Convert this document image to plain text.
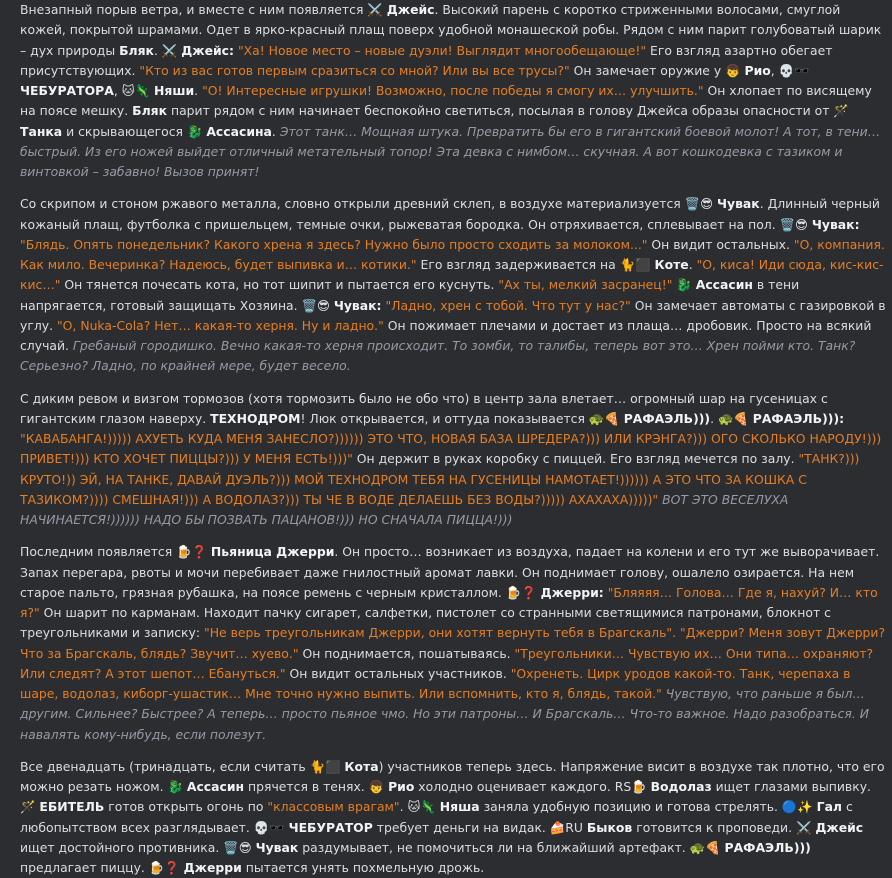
Внезапный порыв ветра, и вместе с ним появляется ⚔️ Джейс. Высокий парень с коротко стриженными волосами, смуглой кожей, покрытой шрамами. Одет в ярко-красный плащ поверх удобной монашеской робы. Рядом с ним парит голубоватый шарик – дух природы Бляк. ⚔️ Джейс: "Ха! Новое место – новые дуэли! Выглядит многообещающе!" Его взгляд азартно обегает присутствующих. "Кто из вас готов первым сразиться со мной? Или вы все трусы?" Он замечает оружие у 👦 Рио, 💀🕶️ ЧЕБУРАТОРА, 🐱🦎 Няши. "О! Интересные игрушки! Возможно, после победы я смогу их… улучшить." Он хлопает по висящему на поясе мешку. Бляк парит рядом с ним начинает беспокойно светиться, посылая в голову Джейса образы опасности от 🪄 Танка и скрывающегося 🐉 Ассасина. Этот танк… Мощная штука. Превратить бы его в гигантский боевой молот! А тот, в тени… быстрый. Из его ножей выйдет отличный метательный топор! Эта девка с нимбом… скучная. А вот кошкодевка с тазиком и винтовкой – забавно! Вызов принят!

Со скрипом и стоном ржавого металла, словно открыли древний склеп, в воздухе материализуется 🗑️😎 Чувак. Длинный черный кожаный плащ, футболка с пришельцем, темные очки, рыжеватая бородка. Он отряхивается, сплевывает на пол. 🗑️😎 Чувак: "Блядь. Опять понедельник? Какого хрена я здесь? Нужно было просто сходить за молоком..." Он видит остальных. "О, компания. Как мило. Вечеринка? Надеюсь, будет выпивка и… котики." Его взгляд задерживается на 🐈⬛ Коте. "О, киса! Иди сюда, кис-кис-кис…" Он тянется почесать кота, но тот шипит и пытается его куснуть. "Ах ты, мелкий засранец!" 🐉 Ассасин в тени напрягается, готовый защищать Хозяина. 🗑️😎 Чувак: "Ладно, хрен с тобой. Что тут у нас?" Он замечает автоматы с газировкой в углу. "О, Nuka-Cola? Нет… какая-то херня. Ну и ладно." Он пожимает плечами и достает из плаща… дробовик. Просто на всякий случай. Гребаный городишко. Вечно какая-то херня происходит. То зомби, то талибы, теперь вот это… Хрен пойми кто. Танк? Серьезно? Ладно, по крайней мере, будет весело.

С диким ревом и визгом тормозов (хотя тормозить было не обо что) в центр зала влетает… огромный шар на гусеницах с гигантским глазом наверху. ТЕХНОДРОМ! Люк открывается, и оттуда показывается 🐢🍕 РАФАЭЛЬ))). 🐢🍕 РАФАЭЛЬ))): "КАВАБАНГА!))))) АХУЕТЬ КУДА МЕНЯ ЗАНЕСЛО?)))))) ЭТО ЧТО, НОВАЯ БАЗА ШРЕДЕРА?))) ИЛИ КРЭНГА?))) ОГО СКОЛЬКО НАРОДУ!))) ПРИВЕТ!))) КТО ХОЧЕТ ПИЦЦЫ?))) У МЕНЯ ЕСТЬ!)))" Он держит в руках коробку с пиццей. Его взгляд мечется по залу. "ТАНК?))) КРУТО!)) ЭЙ, НА ТАНКЕ, ДАВАЙ ДУЭЛЬ?))) МОЙ ТЕХНОДРОМ ТЕБЯ НА ГУСЕНИЦЫ НАМОТАЕТ!)))))) А ЭТО ЧТО ЗА КОШКА С ТАЗИКОМ?)))) СМЕШНАЯ!))) А ВОДОЛАЗ?))) ТЫ ЧЕ В ВОДЕ ДЕЛАЕШЬ БЕЗ ВОДЫ?))))) АХАХАХА)))))" ВОТ ЭТО ВЕСЕЛУХА НАЧИНАЕТСЯ!)))))) НАДО БЫ ПОЗВАТЬ ПАЦАНОВ!))) НО СНАЧАЛА ПИЦЦА!)))

Последним появляется 🍺❓ Пьяница Джерри. Он просто… возникает из воздуха, падает на колени и его тут же выворачивает. Запах перегара, рвоты и мочи перебивает даже гнилостный аромат лавки. Он поднимает голову, ошалело озирается. На нем старое пальто, грязная рубашка, на поясе ремень с черным кристаллом. 🍺❓ Джерри: "Бляяяя… Голова… Где я, нахуй? И… кто я?" Он шарит по карманам. Находит пачку сигарет, салфетки, пистолет со странными светящимися патронами, блокнот с треугольниками и записку: "Не верь треугольникам Джерри, они хотят вернуть тебя в Брагскаль". "Джерри? Меня зовут Джерри? Что за Брагскаль, блядь? Звучит… хуево." Он поднимается, пошатываясь. "Треугольники… Чувствую их… Они типа… охраняют? Или следят? А этот шепот… Ебануться." Он видит остальных участников. "Охренеть. Цирк уродов какой-то. Танк, черепаха в шаре, водолаз, киборг-ушастик… Мне точно нужно выпить. Или вспомнить, кто я, блядь, такой." Чувствую, что раньше я был… другим. Сильнее? Быстрее? А теперь… просто пьяное чмо. Но эти патроны… И Брагскаль… Что-то важное. Надо разобраться. И навалять кому-нибудь, если полезут.

Все двенадцать (тринадцать, если считать 🐈⬛ Кота) участников теперь здесь. Напряжение висит в воздухе так плотно, что его можно резать ножом. 🐉 Ассасин прячется в тенях. 👦 Рио холодно оценивает каждого. RS🍺 Водолаз ищет глазами выпивку. 🪄 ЕБИТЕЛЬ готов открыть огонь по "классовым врагам". 🐱🦎 Няша заняла удобную позицию и готова стрелять. 🔵✨ Гал с любопытством всех разглядывает. 💀🕶️ ЧЕБУРАТОР требует деньги на видак. 🍰RU Быков готовится к проповеди. ⚔️ Джейс ищет достойного противника. 🗑️😎 Чувак раздумывает, не помочиться ли на ближайший артефакт. 🐢🍕 РАФАЭЛЬ))) предлагает пиццу. 🍺❓ Джерри пытается унять похмельную дрожь.
